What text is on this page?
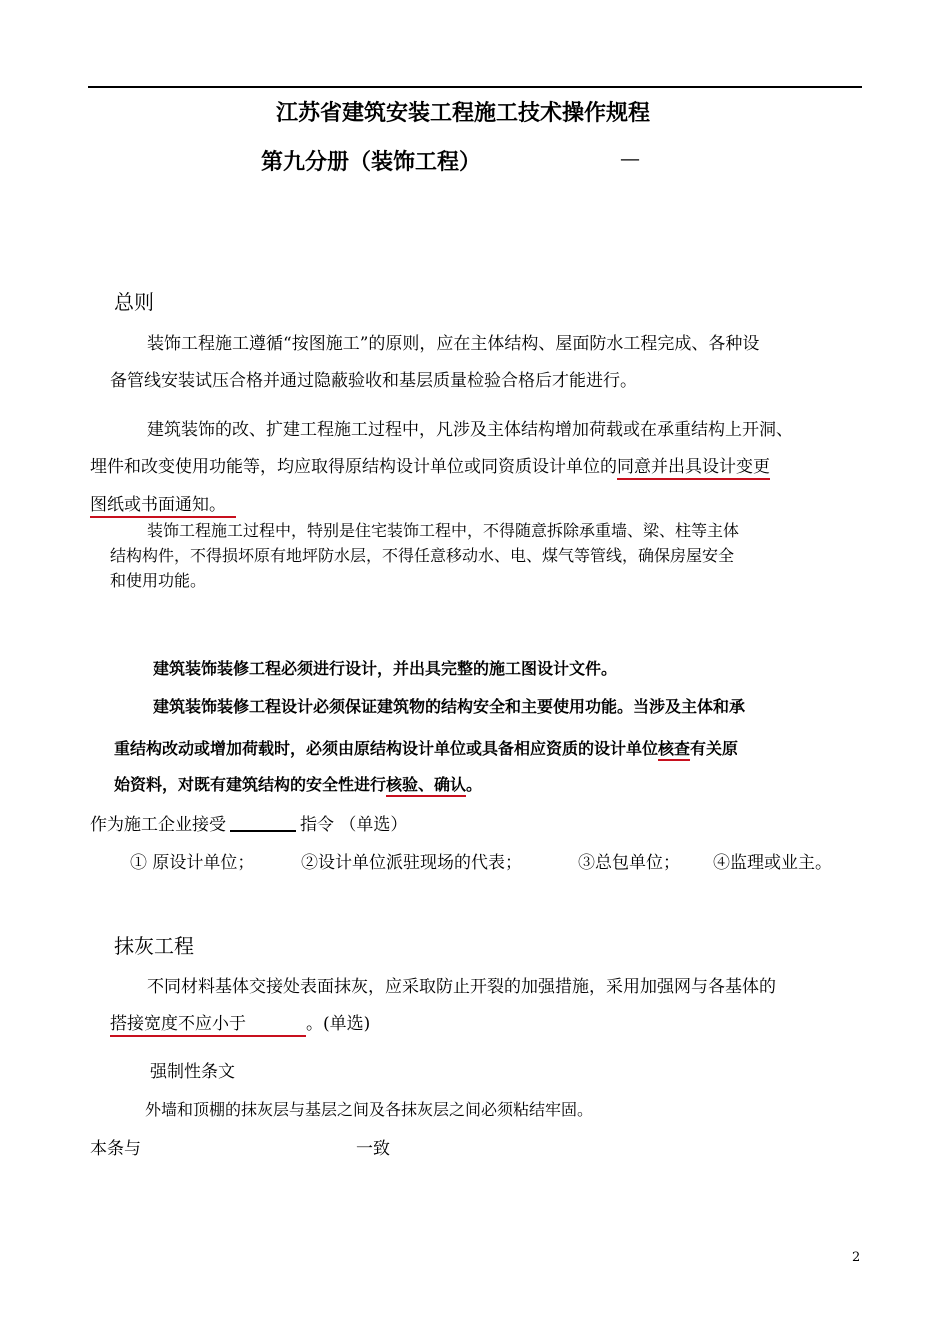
江苏省建筑安装工程施工技术操作规程
第九分册（装饰工程）	—
总则
装饰工程施工遵循“按图施工”的原则，应在主体结构、屋面防水工程完成、各种设
备管线安装试压合格并通过隐蔽验收和基层质量检验合格后才能进行。
建筑装饰的改、扩建工程施工过程中，凡涉及主体结构增加荷载或在承重结构上开洞、
埋件和改变使用功能等，均应取得原结构设计单位或同资质设计单位的同意并出具设计变更
图纸或书面通知。
装饰工程施工过程中，特别是住宅装饰工程中，不得随意拆除承重墙、梁、柱等主体
结构构件，不得损坏原有地坪防水层，不得任意移动水、电、煤气等管线，确保房屋安全
和使用功能。
建筑装饰装修工程必须进行设计，并出具完整的施工图设计文件。
建筑装饰装修工程设计必须保证建筑物的结构安全和主要使用功能。当涉及主体和承
重结构改动或增加荷载时，必须由原结构设计单位或具备相应资质的设计单位核查有关原
始资料，对既有建筑结构的安全性进行核验、确认。
作为施工企业接受	指令 （单选）
① 原设计单位；	②设计单位派驻现场的代表；	③总包单位； ④监理或业主。
抹灰工程
不同材料基体交接处表面抹灰，应采取防止开裂的加强措施，采用加强网与各基体的
搭接宽度不应小于	。(单选)
强制性条文
外墙和顶棚的抹灰层与基层之间及各抹灰层之间必须粘结牢固。
本条与	一致
2
